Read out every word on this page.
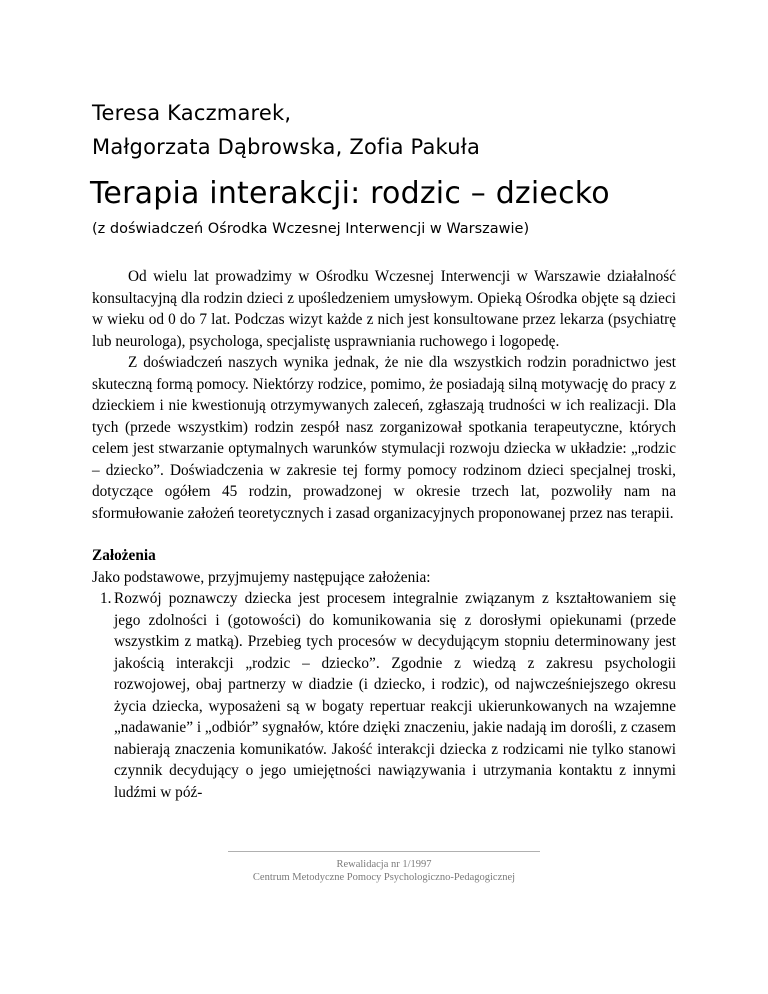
Teresa Kaczmarek,
Małgorzata Dąbrowska, Zofia Pakuła
Terapia interakcji: rodzic – dziecko
(z doświadczeń Ośrodka Wczesnej Interwencji w Warszawie)

Od wielu lat prowadzimy w Ośrodku Wczesnej Interwencji w Warszawie działalność konsultacyjną dla rodzin dzieci z upośledzeniem umysłowym. Opieką Ośrodka objęte są dzieci w wieku od 0 do 7 lat. Podczas wizyt każde z nich jest konsultowane przez lekarza (psychiatrę lub neurologa), psychologa, specjalistę usprawniania ruchowego i logopedę.

Z doświadczeń naszych wynika jednak, że nie dla wszystkich rodzin poradnictwo jest skuteczną formą pomocy. Niektórzy rodzice, pomimo, że posiadają silną motywację do pracy z dzieckiem i nie kwestionują otrzymywanych zaleceń, zgłaszają trudności w ich realizacji. Dla tych (przede wszystkim) rodzin zespół nasz zorganizował spotkania terapeutyczne, których celem jest stwarzanie optymalnych warunków stymulacji rozwoju dziecka w układzie: „rodzic – dziecko”. Doświadczenia w zakresie tej formy pomocy rodzinom dzieci specjalnej troski, dotyczące ogółem 45 rodzin, prowadzonej w okresie trzech lat, pozwoliły nam na sformułowanie założeń teoretycznych i zasad organizacyjnych proponowanej przez nas terapii.

Założenia
Jako podstawowe, przyjmujemy następujące założenia:
1. Rozwój poznawczy dziecka jest procesem integralnie związanym z kształtowaniem się jego zdolności i (gotowości) do komunikowania się z dorosłymi opiekunami (przede wszystkim z matką). Przebieg tych procesów w decydującym stopniu determinowany jest jakością interakcji „rodzic – dziecko”. Zgodnie z wiedzą z zakresu psychologii rozwojowej, obaj partnerzy w diadzie (i dziecko, i rodzic), od najwcześniejszego okresu życia dziecka, wyposażeni są w bogaty repertuar reakcji ukierunkowanych na wzajemne „nadawanie” i „odbiór” sygnałów, które dzięki znaczeniu, jakie nadają im dorośli, z czasem nabierają znaczenia komunikatów. Jakość interakcji dziecka z rodzicami nie tylko stanowi czynnik decydujący o jego umiejętności nawiązywania i utrzymania kontaktu z innymi ludźmi w póź-
Rewalidacja nr 1/1997
Centrum Metodyczne Pomocy Psychologiczno-Pedagogicznej
